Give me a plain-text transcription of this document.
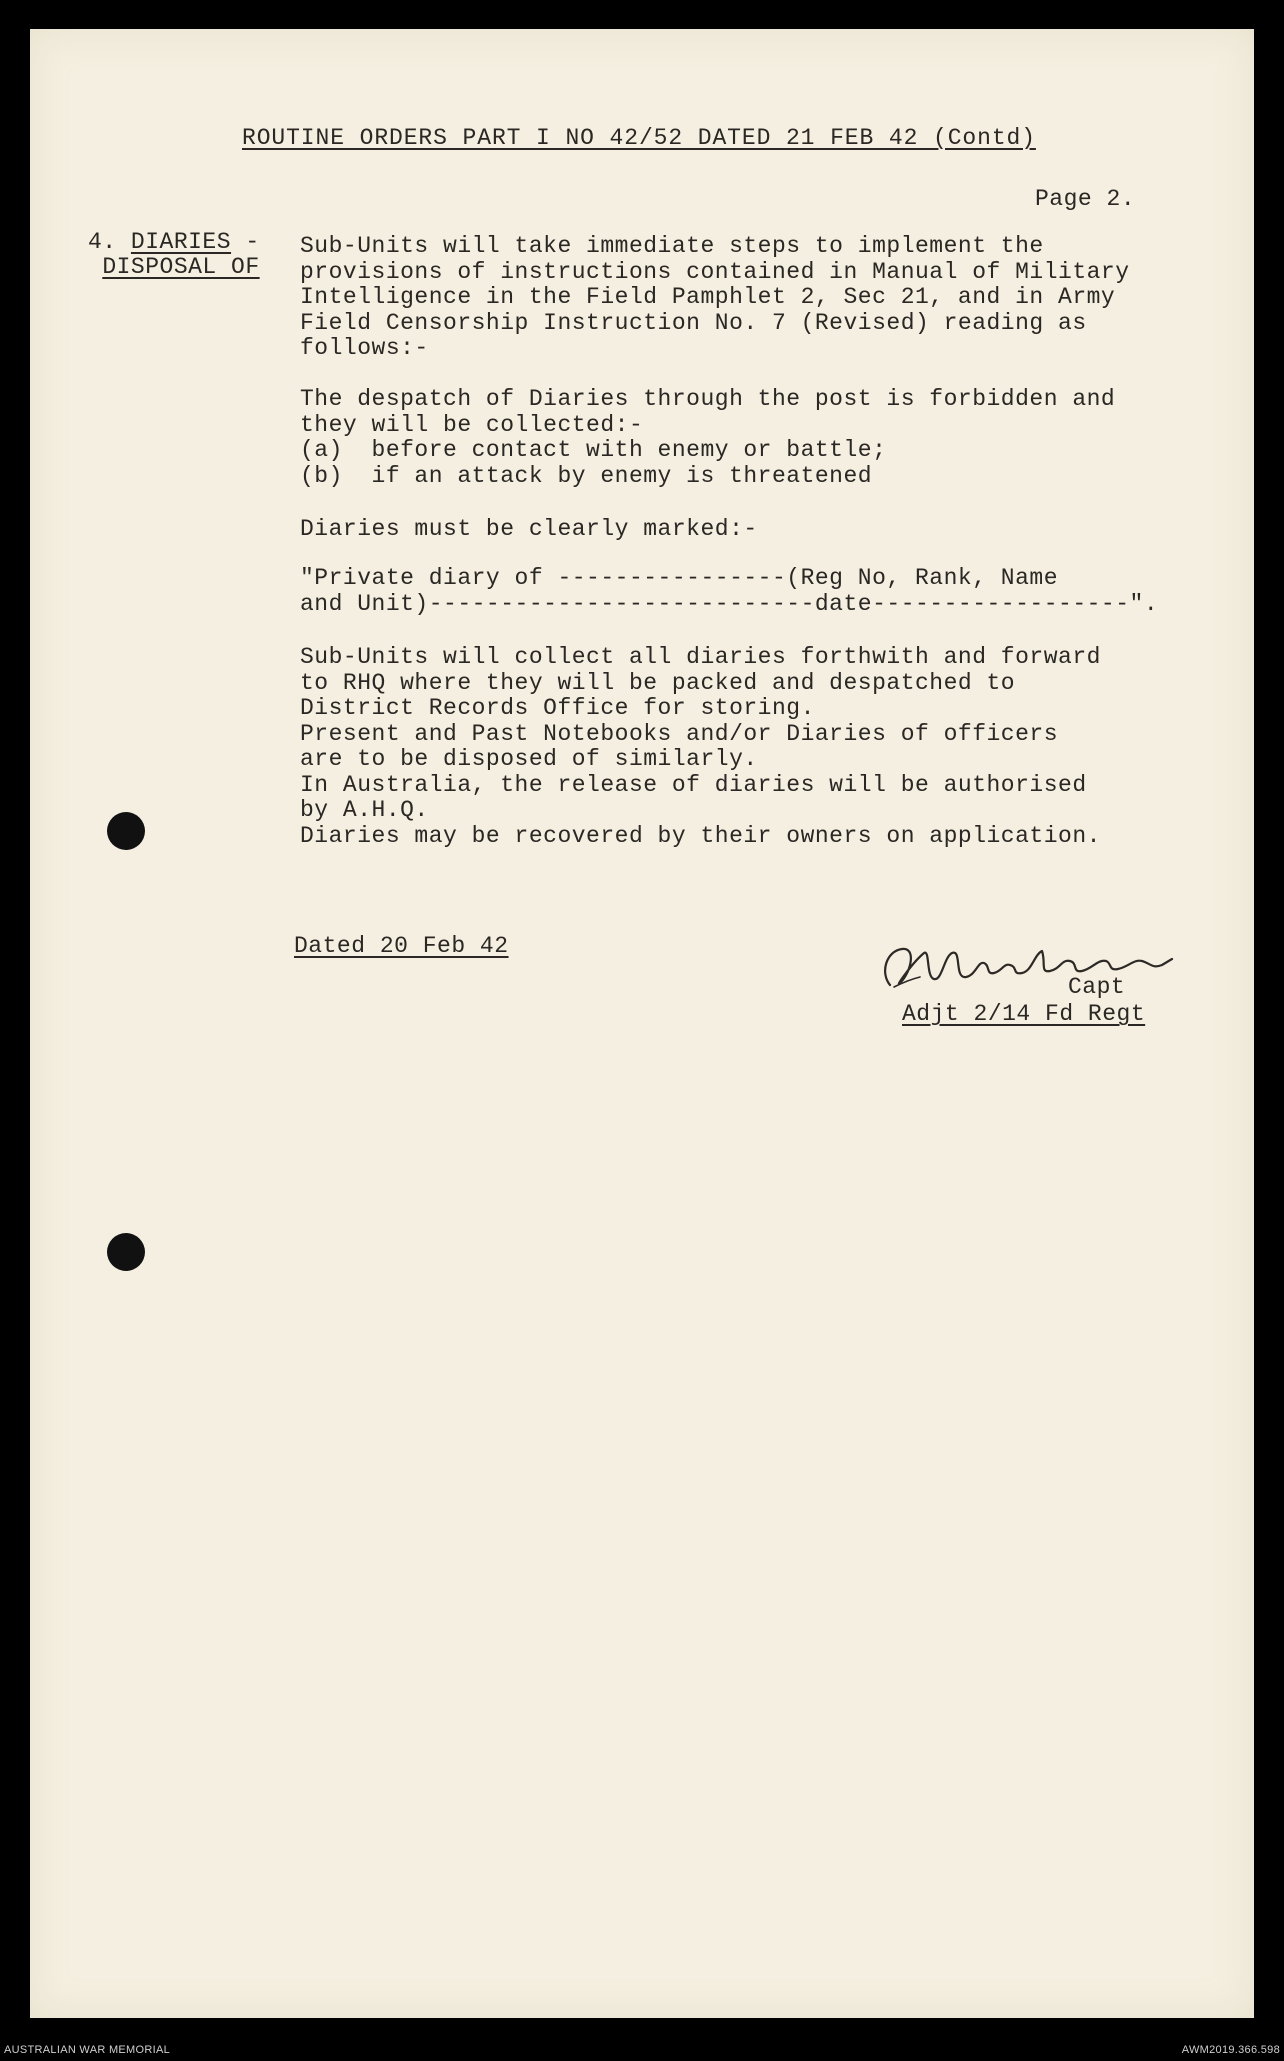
ROUTINE ORDERS PART I NO 42/52 DATED 21 FEB 42 (Contd)
Page 2.
4. DIARIES -
DISPOSAL OF
Sub-Units will take immediate steps to implement the
provisions of instructions contained in Manual of Military
Intelligence in the Field Pamphlet 2, Sec 21, and in Army
Field Censorship Instruction No. 7 (Revised) reading as
follows:-
The despatch of Diaries through the post is forbidden and
they will be collected:-
(a)  before contact with enemy or battle;
(b)  if an attack by enemy is threatened
Diaries must be clearly marked:-
"Private diary of ----------------(Reg No, Rank, Name
and Unit)---------------------------date------------------".
Sub-Units will collect all diaries forthwith and forward
to RHQ where they will be packed and despatched to
District Records Office for storing.
Present and Past Notebooks and/or Diaries of officers
are to be disposed of similarly.
In Australia, the release of diaries will be authorised
by A.H.Q.
Diaries may be recovered by their owners on application.
Dated 20 Feb 42
Capt
Adjt 2/14 Fd Regt
AUSTRALIAN WAR MEMORIAL	AWM2019.366.598
